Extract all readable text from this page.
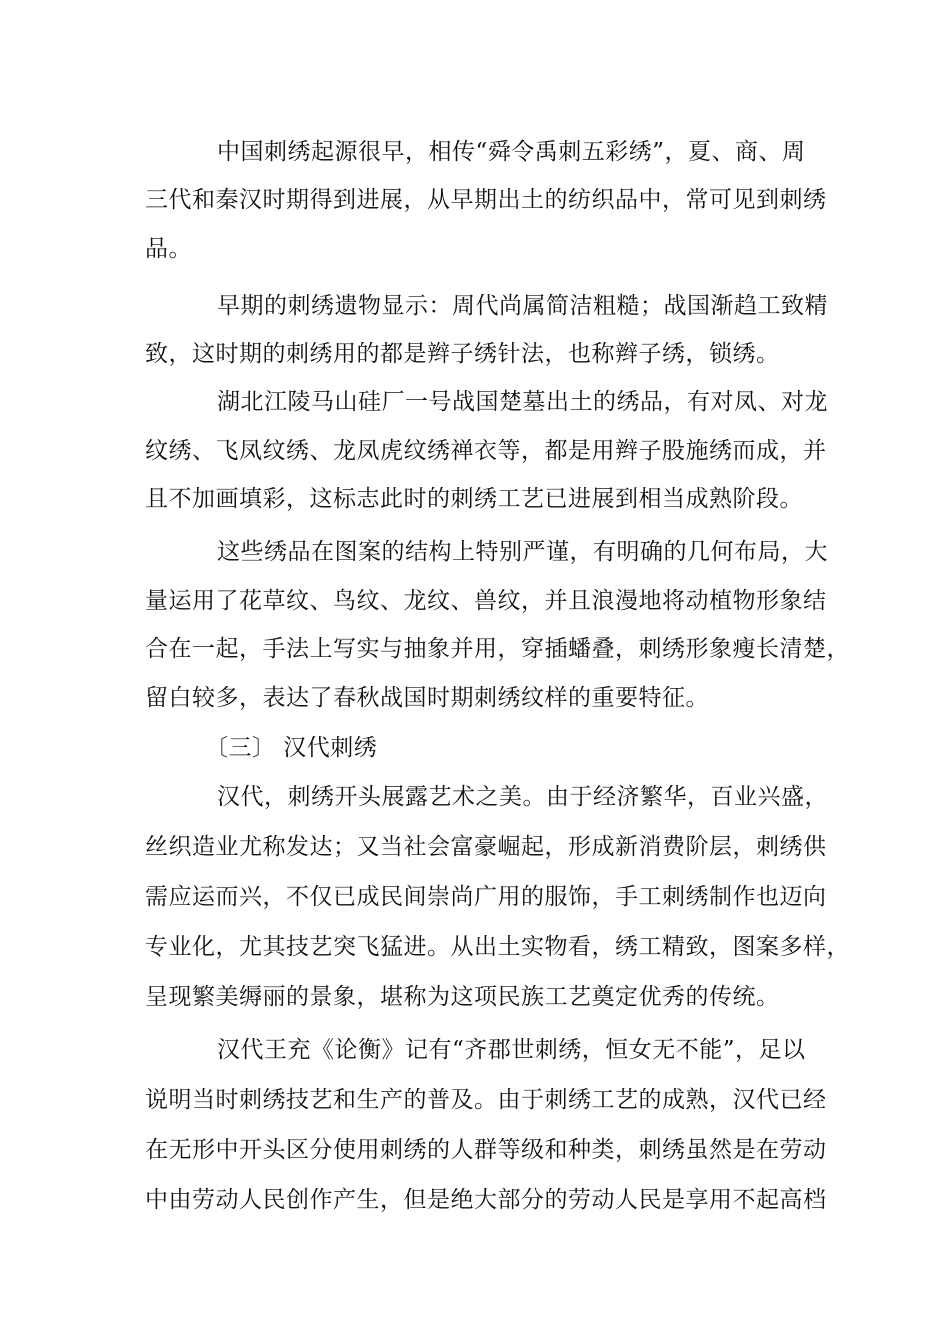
中国刺绣起源很早，相传“舜令禹刺五彩绣”，夏、商、周
三代和秦汉时期得到进展，从早期出土的纺织品中，常可见到刺绣
品。
早期的刺绣遗物显示：周代尚属简洁粗糙；战国渐趋工致精
致，这时期的刺绣用的都是辫子绣针法，也称辫子绣，锁绣。
湖北江陵马山硅厂一号战国楚墓出土的绣品，有对凤、对龙
纹绣、飞凤纹绣、龙凤虎纹绣禅衣等，都是用辫子股施绣而成，并
且不加画填彩，这标志此时的刺绣工艺已进展到相当成熟阶段。
这些绣品在图案的结构上特别严谨，有明确的几何布局，大
量运用了花草纹、鸟纹、龙纹、兽纹，并且浪漫地将动植物形象结
合在一起，手法上写实与抽象并用，穿插蟠叠，刺绣形象瘦长清楚，
留白较多，表达了春秋战国时期刺绣纹样的重要特征。
〔三〕 汉代刺绣
汉代，刺绣开头展露艺术之美。由于经济繁华，百业兴盛，
丝织造业尤称发达；又当社会富豪崛起，形成新消费阶层，刺绣供
需应运而兴，不仅已成民间崇尚广用的服饰，手工刺绣制作也迈向
专业化，尤其技艺突飞猛进。从出土实物看，绣工精致，图案多样，
呈现繁美缛丽的景象，堪称为这项民族工艺奠定优秀的传统。
汉代王充《论衡》记有“齐郡世刺绣，恒女无不能”，足以
说明当时刺绣技艺和生产的普及。由于刺绣工艺的成熟，汉代已经
在无形中开头区分使用刺绣的人群等级和种类，刺绣虽然是在劳动
中由劳动人民创作产生，但是绝大部分的劳动人民是享用不起高档
